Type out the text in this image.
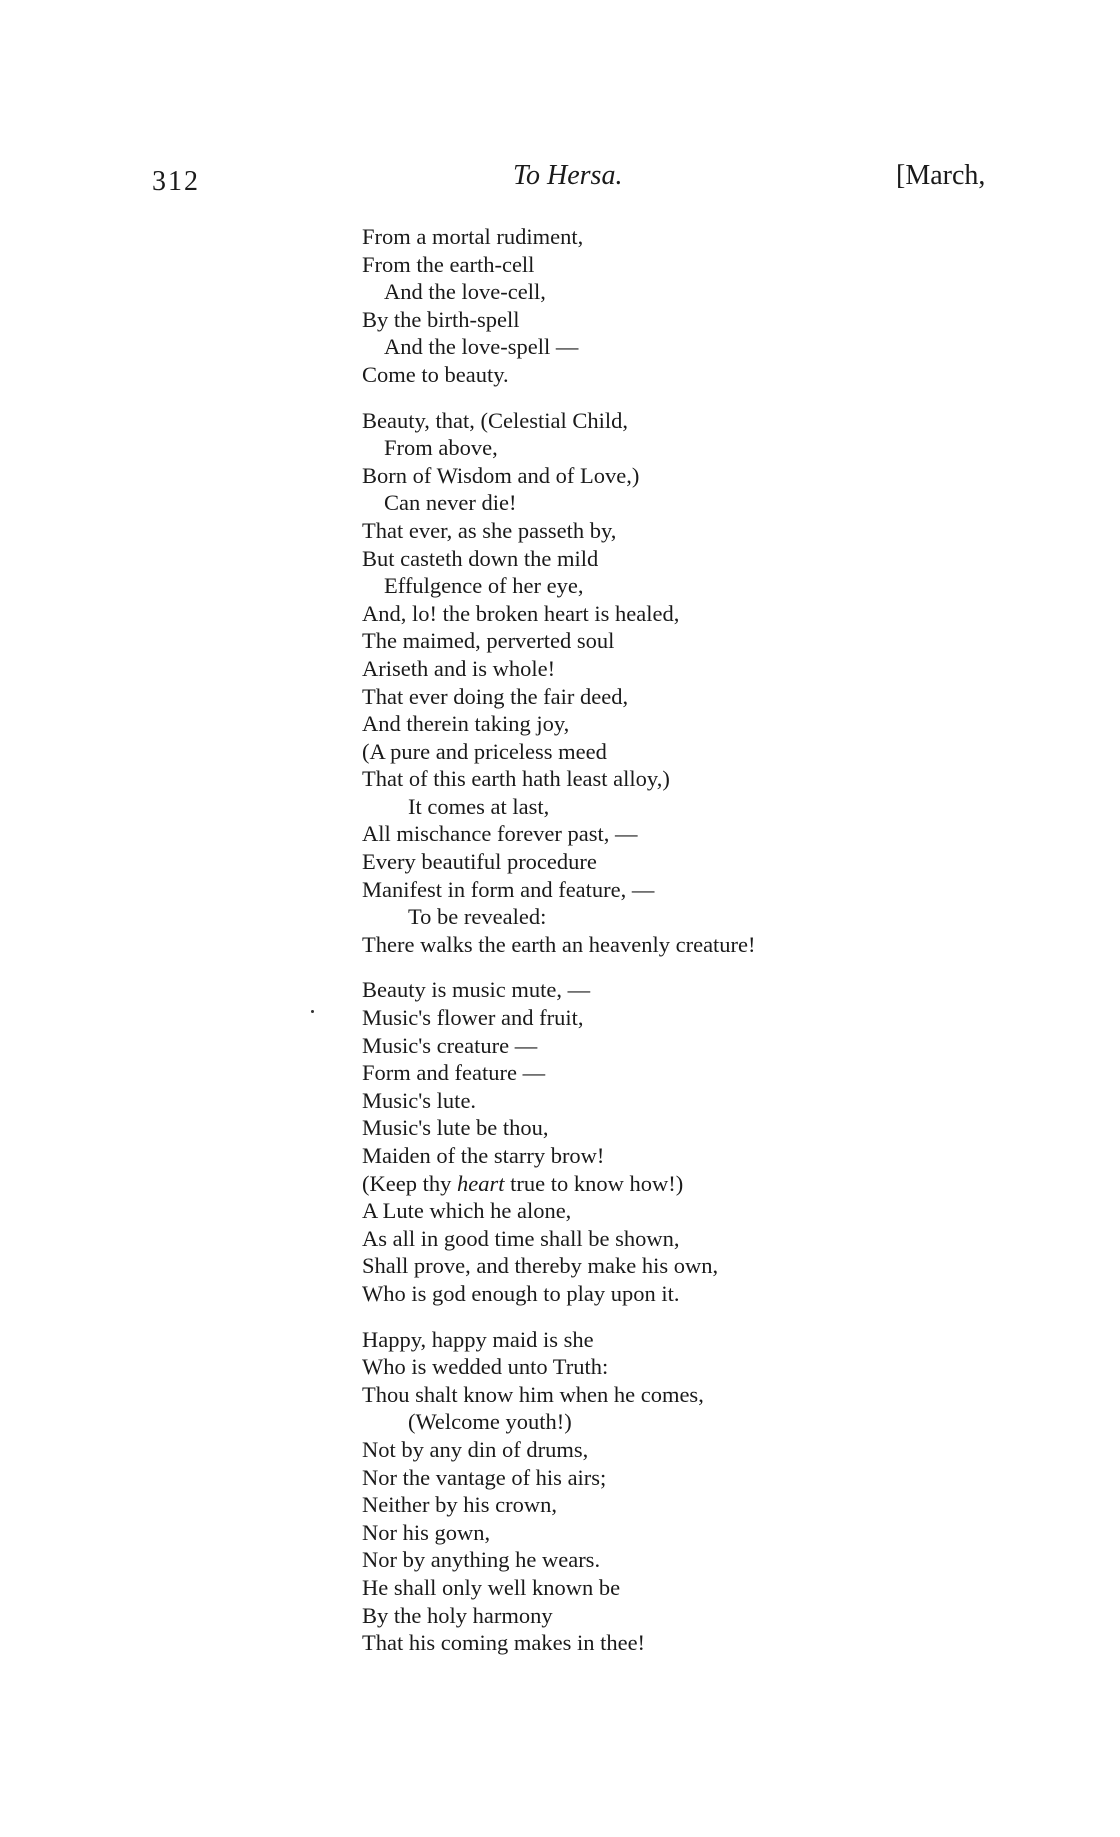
312	To Hersa.	[March,
From a mortal rudiment,
From the earth-cell
And the love-cell,
By the birth-spell
And the love-spell —
Come to beauty.
Beauty, that, (Celestial Child,
From above,
Born of Wisdom and of Love,)
Can never die!
That ever, as she passeth by,
But casteth down the mild
Effulgence of her eye,
And, lo! the broken heart is healed,
The maimed, perverted soul
Ariseth and is whole!
That ever doing the fair deed,
And therein taking joy,
(A pure and priceless meed
That of this earth hath least alloy,)
It comes at last,
All mischance forever past, —
Every beautiful procedure
Manifest in form and feature, —
To be revealed:
There walks the earth an heavenly creature!
Beauty is music mute, —
Music's flower and fruit,
Music's creature —
Form and feature —
Music's lute.
Music's lute be thou,
Maiden of the starry brow!
(Keep thy heart true to know how!)
A Lute which he alone,
As all in good time shall be shown,
Shall prove, and thereby make his own,
Who is god enough to play upon it.
Happy, happy maid is she
Who is wedded unto Truth:
Thou shalt know him when he comes,
(Welcome youth!)
Not by any din of drums,
Nor the vantage of his airs;
Neither by his crown,
Nor his gown,
Nor by anything he wears.
He shall only well known be
By the holy harmony
That his coming makes in thee!
